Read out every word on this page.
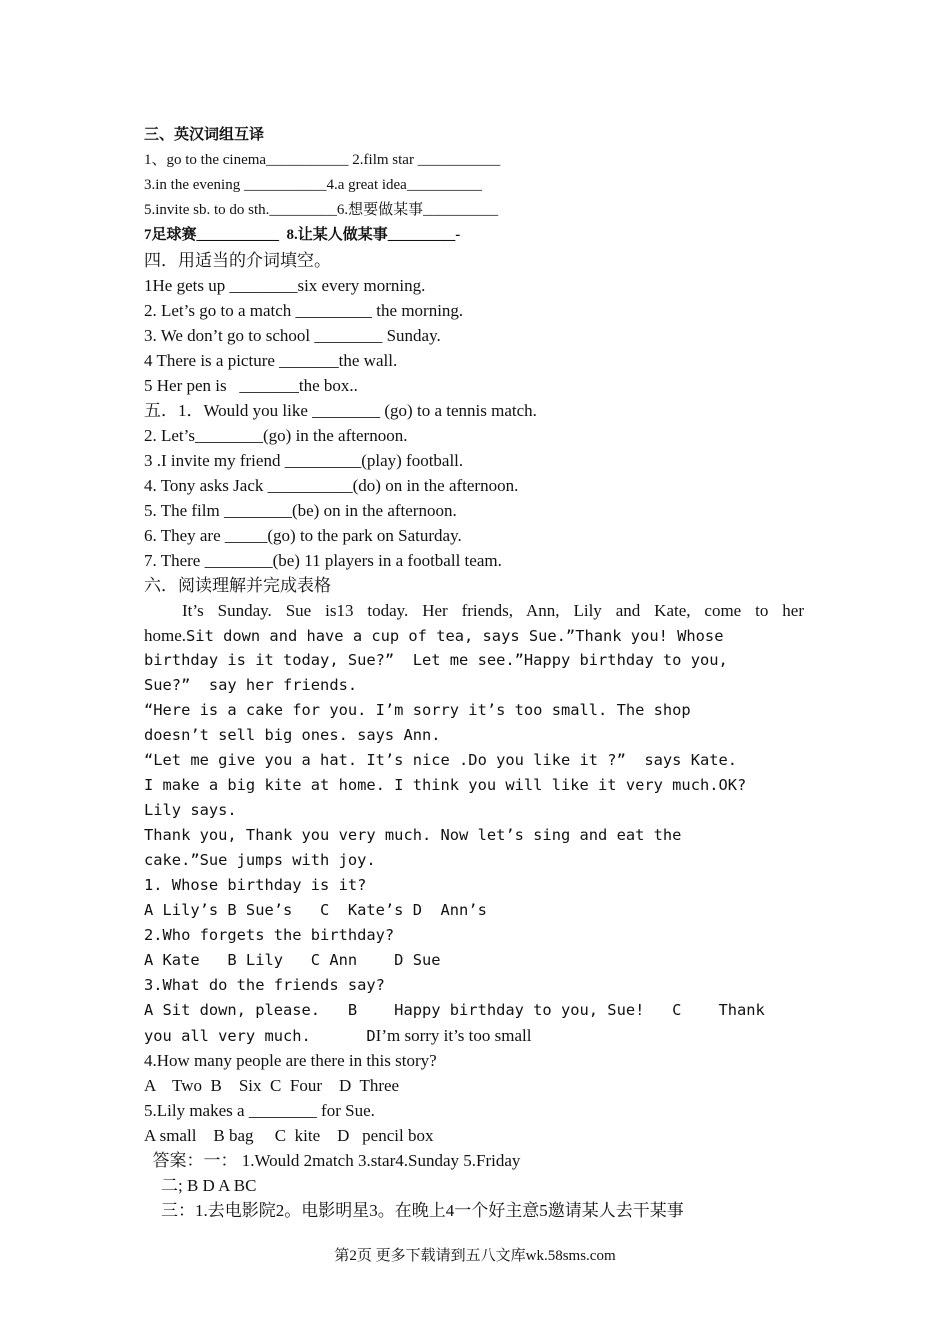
三、英汉词组互译
1、go to the cinema___________ 2.film star ___________
3.in the evening ___________4.a great idea__________
5.invite sb. to do sth._________6.想要做某事__________
7足球赛___________  8.让某人做某事_________-
四．用适当的介词填空。
1He gets up ________six every morning.
2. Let’s go to a match _________ the morning.
3. We don’t go to school ________ Sunday.
4 There is a picture _______the wall.
5 Her pen is   _______the box..
五．1．Would you like ________ (go) to a tennis match.
2. Let’s________(go) in the afternoon.
3 .I invite my friend _________(play) football.
4. Tony asks Jack __________(do) on in the afternoon.
5. The film ________(be) on in the afternoon.
6. They are _____(go) to the park on Saturday.
7. There ________(be) 11 players in a football team.
六．阅读理解并完成表格
It’s Sunday. Sue is13 today. Her friends, Ann, Lily and Kate, come to her
home.Sit down and have a cup of tea, says Sue.”Thank you! Whose
birthday is it today, Sue?”  Let me see.”Happy birthday to you,
Sue?”  say her friends.
“Here is a cake for you. I’m sorry it’s too small. The shop
doesn’t sell big ones. says Ann.
“Let me give you a hat. It’s nice .Do you like it ?”  says Kate.
I make a big kite at home. I think you will like it very much.OK?
Lily says.
Thank you, Thank you very much. Now let’s sing and eat the
cake.”Sue jumps with joy.
1. Whose birthday is it?
A Lily’s B Sue’s   C  Kate’s D  Ann’s
2.Who forgets the birthday?
A Kate   B Lily   C Ann    D Sue
3.What do the friends say?
A Sit down, please.   B    Happy birthday to you, Sue!   C    Thank
you all very much.      DI’m sorry it’s too small
4.How many people are there in this story?
A    Two  B    Six  C  Four    D  Three
5.Lily makes a ________ for Sue.
A small    B bag     C  kite    D   pencil box
答案：一： 1.Would 2match 3.star4.Sunday 5.Friday
二; B D A BC
三：1.去电影院2。电影明星3。在晚上4一个好主意5邀请某人去干某事
第2页 更多下载请到五八文库wk.58sms.com
